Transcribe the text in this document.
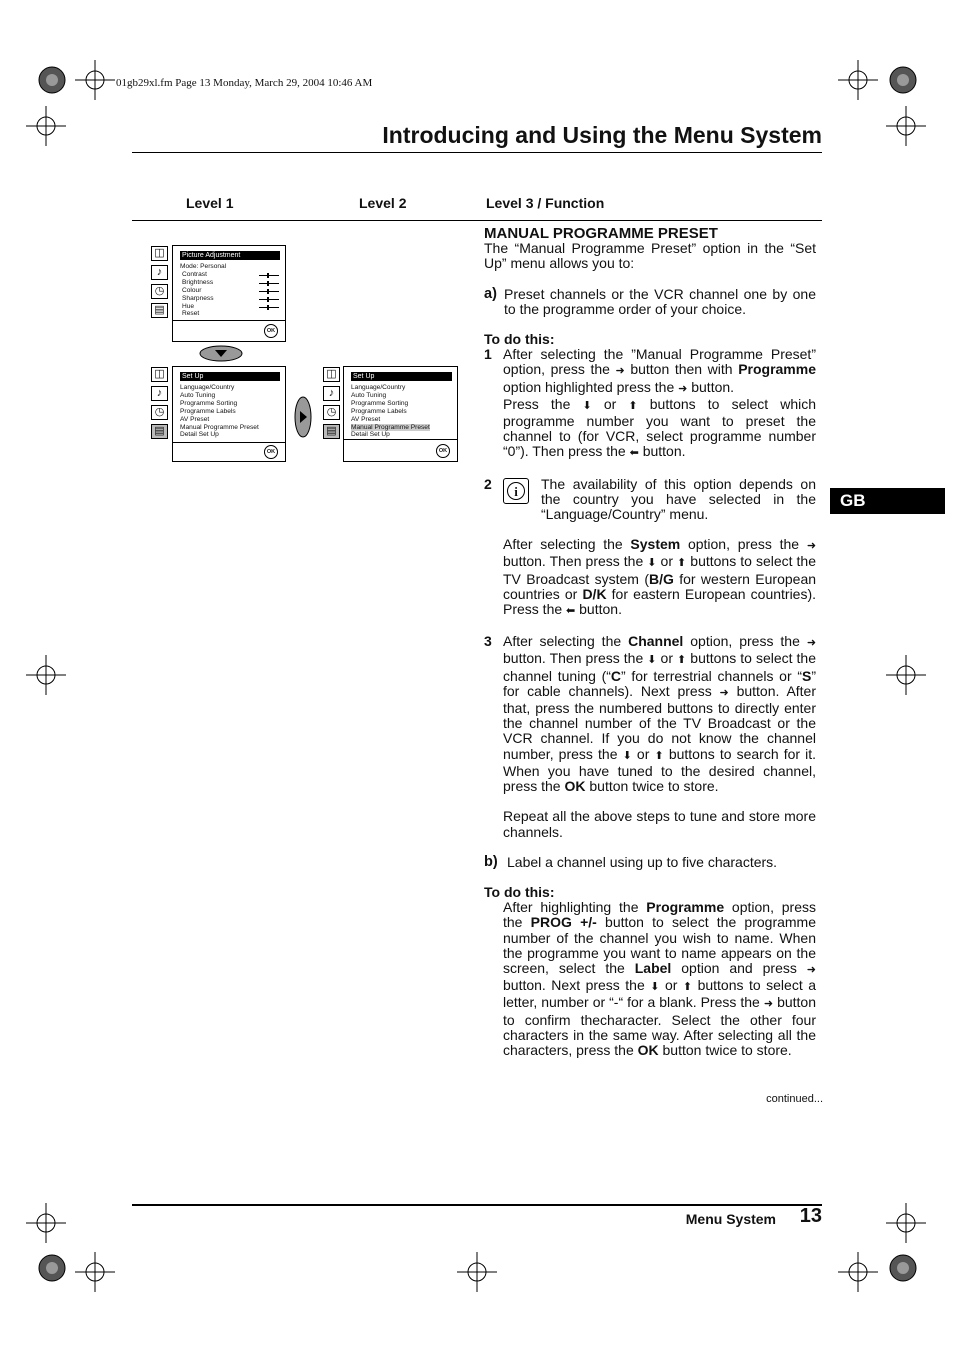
01gb29xl.fm Page 13 Monday, March 29, 2004 10:46 AM
Introducing and Using the Menu System
Level 1	Level 2	Level 3 / Function
GB
◫
♪
◷
▤
Picture Adjustment
Mode: Personal
Contrast
Brightness
Colour
Sharpness
Hue
Reset
OK
◫
♪
◷
▤
Set Up
Language/Country
Auto Tuning
Programme Sorting
Programme Labels
AV Preset
Manual Programme Preset
Detail Set Up
OK
◫
♪
◷
▤
Set Up
Language/Country
Auto Tuning
Programme Sorting
Programme Labels
AV Preset
Manual Programme Preset
Detail Set Up
OK

MANUAL PROGRAMME PRESET

The “Manual Programme Preset” option in the “Set Up” menu allows you to:

a) Preset channels or the VCR channel one by one to the programme order of your choice.

To do this:

1 After selecting the ”Manual Programme Preset” option, press the ➜ button then with Programme option highlighted press the ➜ button.
Press the ⬇ or ⬆ buttons to select which programme number you want to preset the channel to (for VCR, select programme number “0”). Then press the ⬅ button.
2	i	The availability of this option depends on the country you have selected in the “Language/Country” menu.

After selecting the System option, press the ➜ button. Then press the ⬇ or ⬆ buttons to select the TV Broadcast system (B/G for western European countries or D/K for eastern European countries). Press the ⬅ button.

3 After selecting the Channel option, press the ➜ button. Then press the ⬇ or ⬆ buttons to select the channel tuning (“C” for terrestrial channels or “S” for cable channels). Next press ➜ button. After that, press the numbered buttons to directly enter the channel number of the TV Broadcast or the VCR channel. If you do not know the channel number, press the ⬇ or ⬆ buttons to search for it. When you have tuned to the desired channel, press the OK button twice to store.

Repeat all the above steps to tune and store more channels.

b) Label a channel using up to five characters.

To do this:

After highlighting the Programme option, press the PROG +/- button to select the programme number of the channel you wish to name. When the programme you want to name appears on the screen, select the Label option and press ➜ button. Next press the ⬇ or ⬆ buttons to select a letter, number or “-“ for a blank. Press the ➜ button to confirm thecharacter. Select the other four characters in the same way. After selecting all the characters, press the OK button twice to store.

continued...
Menu System	13
